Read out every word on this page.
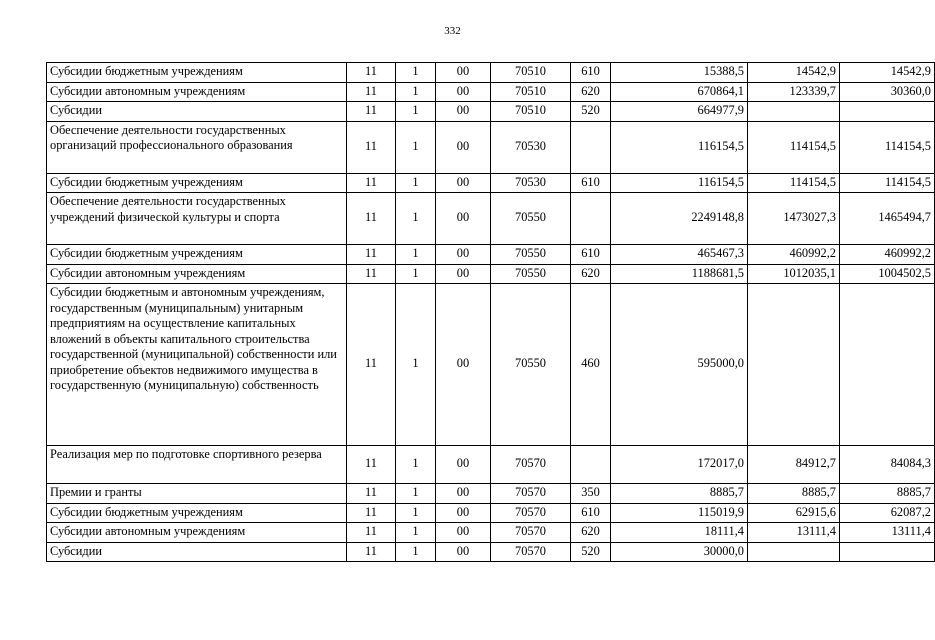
332
Субсидии бюджетным учреждениям	11	1	00	70510	610	15388,5	14542,9	14542,9
Субсидии автономным учреждениям	11	1	00	70510	620	670864,1	123339,7	30360,0
Субсидии	11	1	00	70510	520	664977,9		
Обеспечение деятельности государственных организаций профессионального образования	11	1	00	70530		116154,5	114154,5	114154,5
Субсидии бюджетным учреждениям	11	1	00	70530	610	116154,5	114154,5	114154,5
Обеспечение деятельности государственных учреждений физической культуры и спорта	11	1	00	70550		2249148,8	1473027,3	1465494,7
Субсидии бюджетным учреждениям	11	1	00	70550	610	465467,3	460992,2	460992,2
Субсидии автономным учреждениям	11	1	00	70550	620	1188681,5	1012035,1	1004502,5
Субсидии бюджетным и автономным учреждениям, государственным (муниципальным) унитарным предприятиям на осуществление капитальных вложений в объекты капитального строительства государственной (муниципальной) собственности или приобретение объектов недвижимого имущества в государственную (муниципальную) собственность	11	1	00	70550	460	595000,0		
Реализация мер по подготовке спортивного резерва	11	1	00	70570		172017,0	84912,7	84084,3
Премии и гранты	11	1	00	70570	350	8885,7	8885,7	8885,7
Субсидии бюджетным учреждениям	11	1	00	70570	610	115019,9	62915,6	62087,2
Субсидии автономным учреждениям	11	1	00	70570	620	18111,4	13111,4	13111,4
Субсидии	11	1	00	70570	520	30000,0		
